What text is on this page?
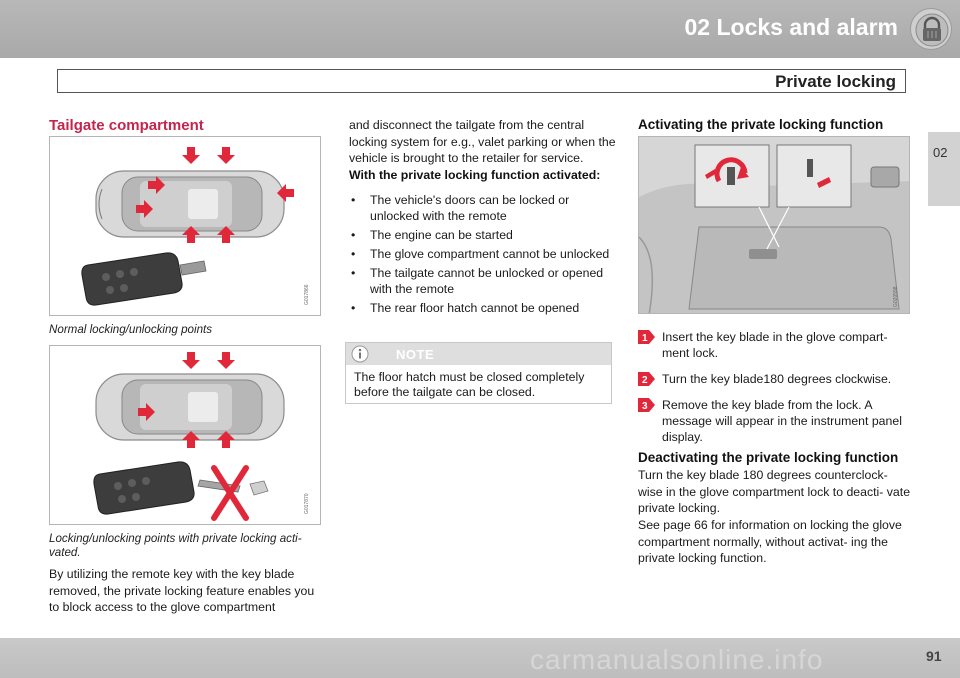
02 Locks and alarm
Private locking
02
Tailgate compartment
G017866
Normal locking/unlocking points
G017870
Locking/unlocking points with private locking acti- vated.
By utilizing the remote key with the key blade removed, the private locking feature enables you to block access to the glove compartment
and disconnect the tailgate from the central locking system for e.g., valet parking or when the vehicle is brought to the retailer for service.
With the private locking function activated:
• The vehicle's doors can be locked or unlocked with the remote
• The engine can be started
• The glove compartment cannot be unlocked
• The tailgate cannot be unlocked or opened with the remote
• The rear floor hatch cannot be opened
NOTE
The floor hatch must be closed completely before the tailgate can be closed.
Activating the private locking function
G020598
1 Insert the key blade in the glove compart- ment lock.
2 Turn the key blade180 degrees clockwise.
3 Remove the key blade from the lock. A message will appear in the instrument panel display.
Deactivating the private locking function
Turn the key blade 180 degrees counterclock- wise in the glove compartment lock to deacti- vate private locking.
See page 66 for information on locking the glove compartment normally, without activat- ing the private locking function.
carmanualsonline.info	91
